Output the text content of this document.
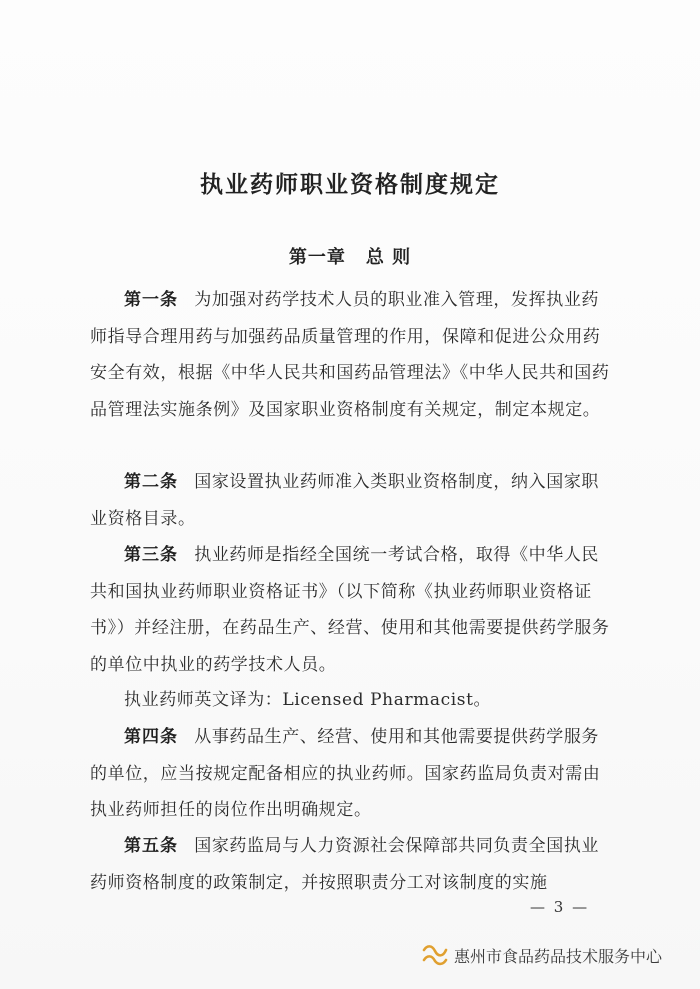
执业药师职业资格制度规定
第一章 总 则

第一条 为加强对药学技术人员的职业准入管理，发挥执业药师指导合理用药与加强药品质量管理的作用，保障和促进公众用药安全有效，根据《中华人民共和国药品管理法》《中华人民共和国药品管理法实施条例》及国家职业资格制度有关规定，制定本规定。

第二条 国家设置执业药师准入类职业资格制度，纳入国家职业资格目录。

第三条 执业药师是指经全国统一考试合格，取得《中华人民共和国执业药师职业资格证书》（以下简称《执业药师职业资格证书》）并经注册，在药品生产、经营、使用和其他需要提供药学服务的单位中执业的药学技术人员。

执业药师英文译为：Licensed Pharmacist。

第四条 从事药品生产、经营、使用和其他需要提供药学服务的单位，应当按规定配备相应的执业药师。国家药监局负责对需由执业药师担任的岗位作出明确规定。

第五条 国家药监局与人力资源社会保障部共同负责全国执业药师资格制度的政策制定，并按照职责分工对该制度的实施

— 3 —
惠州市食品药品技术服务中心
